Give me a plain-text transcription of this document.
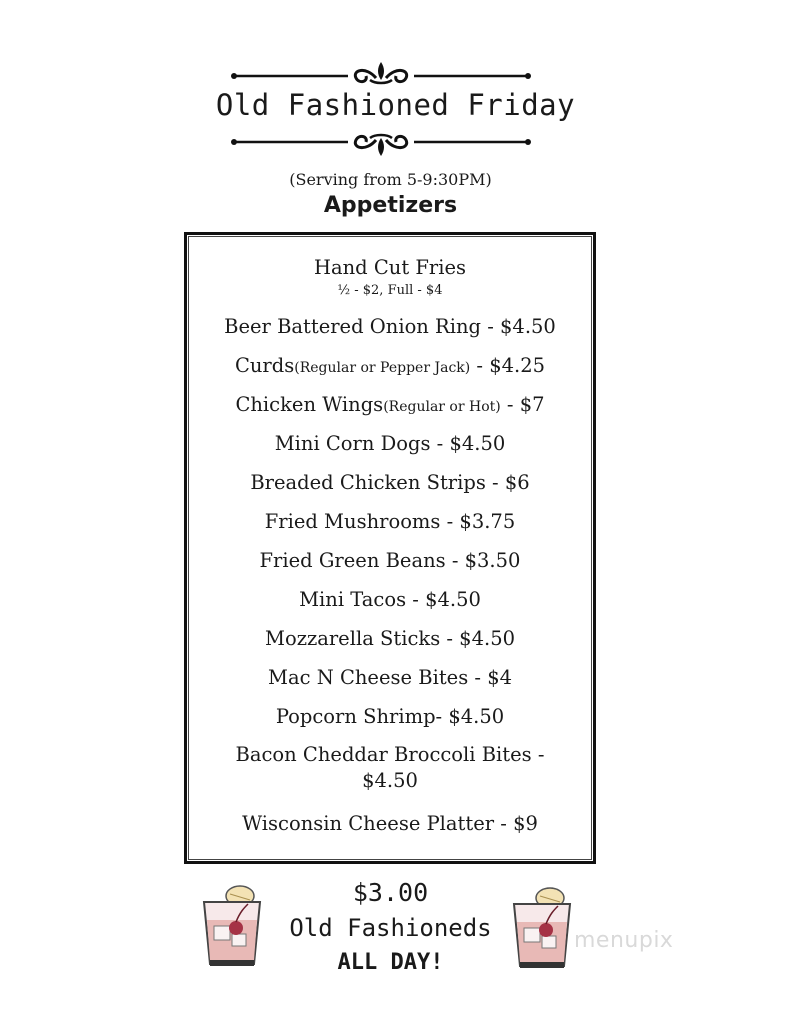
Old Fashioned Friday
(Serving from 5-9:30PM)
Appetizers
Hand Cut Fries
½ - $2, Full - $4
Beer Battered Onion Ring - $4.50
Curds(Regular or Pepper Jack) - $4.25
Chicken Wings(Regular or Hot) - $7
Mini Corn Dogs - $4.50
Breaded Chicken Strips - $6
Fried Mushrooms - $3.75
Fried Green Beans - $3.50
Mini Tacos - $4.50
Mozzarella Sticks - $4.50
Mac N Cheese Bites - $4
Popcorn Shrimp- $4.50
Bacon Cheddar Broccoli Bites -
$4.50
Wisconsin Cheese Platter - $9
$3.00
Old Fashioneds
ALL DAY!
menupix
